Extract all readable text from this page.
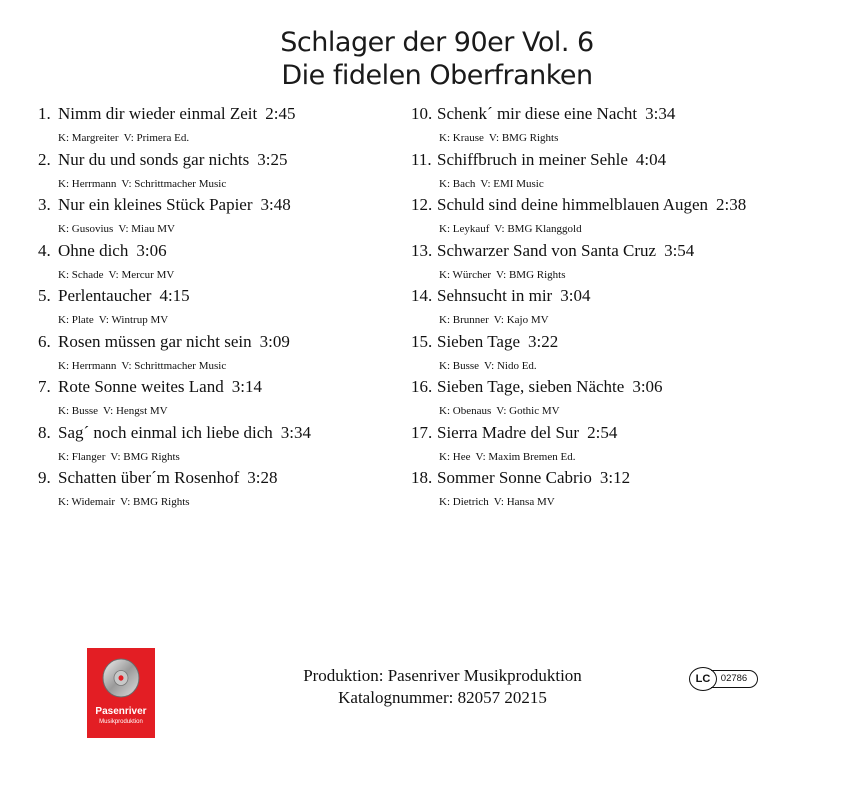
Schlager der 90er Vol. 6
Die fidelen Oberfranken
1. Nimm dir wieder einmal Zeit 2:45
K: Margreiter V: Primera Ed.
2. Nur du und sonds gar nichts 3:25
K: Herrmann V: Schrittmacher Music
3. Nur ein kleines Stück Papier 3:48
K: Gusovius V: Miau MV
4. Ohne dich 3:06
K: Schade V: Mercur MV
5. Perlentaucher 4:15
K: Plate V: Wintrup MV
6. Rosen müssen gar nicht sein 3:09
K: Herrmann V: Schrittmacher Music
7. Rote Sonne weites Land 3:14
K: Busse V: Hengst MV
8. Sag´ noch einmal ich liebe dich 3:34
K: Flanger V: BMG Rights
9. Schatten über´m Rosenhof 3:28
K: Widemair V: BMG Rights
10. Schenk´ mir diese eine Nacht 3:34
K: Krause V: BMG Rights
11. Schiffbruch in meiner Sehle 4:04
K: Bach V: EMI Music
12. Schuld sind deine himmelblauen Augen 2:38
K: Leykauf V: BMG Klanggold
13. Schwarzer Sand von Santa Cruz 3:54
K: Würcher V: BMG Rights
14. Sehnsucht in mir 3:04
K: Brunner V: Kajo MV
15. Sieben Tage 3:22
K: Busse V: Nido Ed.
16. Sieben Tage, sieben Nächte 3:06
K: Obenaus V: Gothic MV
17. Sierra Madre del Sur 2:54
K: Hee V: Maxim Bremen Ed.
18. Sommer Sonne Cabrio 3:12
K: Dietrich V: Hansa MV
Pasenriver
Musikproduktion
Produktion: Pasenriver Musikproduktion
Katalognummer: 82057 20215
02786
LC
